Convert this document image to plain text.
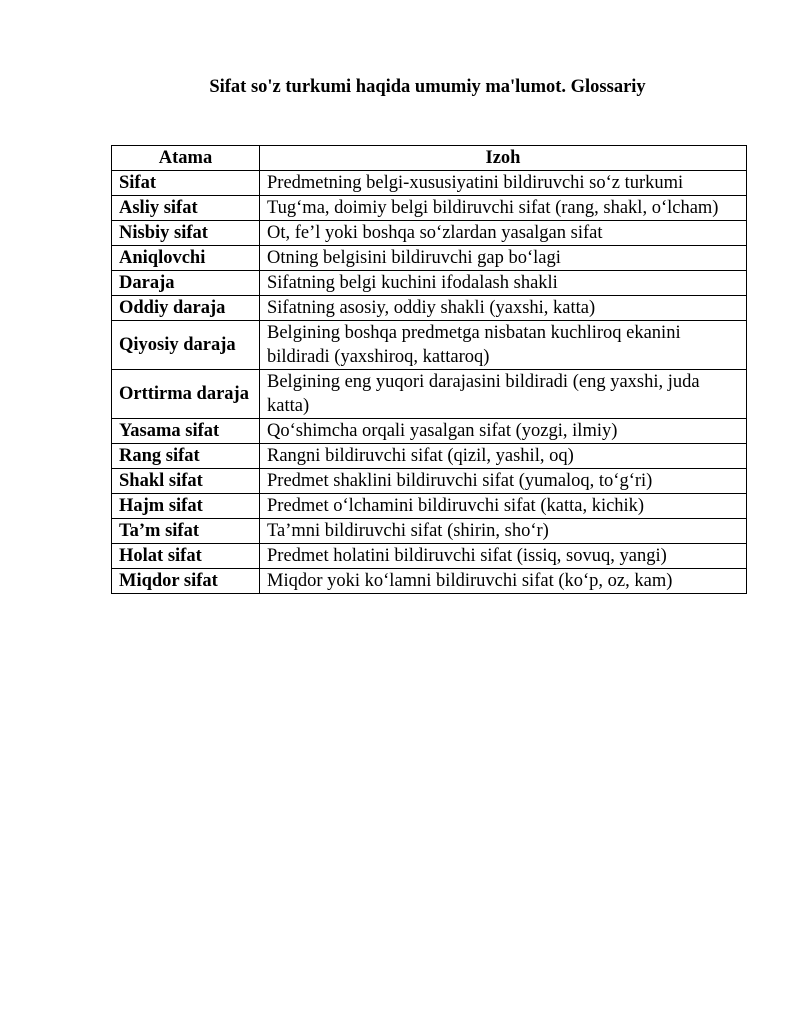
Sifat so'z turkumi haqida umumiy ma'lumot. Glossariy
Atama	Izoh
Sifat	Predmetning belgi-xususiyatini bildiruvchi so‘z turkumi
Asliy sifat	Tug‘ma, doimiy belgi bildiruvchi sifat (rang, shakl, o‘lcham)
Nisbiy sifat	Ot, fe’l yoki boshqa so‘zlardan yasalgan sifat
Aniqlovchi	Otning belgisini bildiruvchi gap bo‘lagi
Daraja	Sifatning belgi kuchini ifodalash shakli
Oddiy daraja	Sifatning asosiy, oddiy shakli (yaxshi, katta)
Qiyosiy daraja	Belgining boshqa predmetga nisbatan kuchliroq ekanini bildiradi (yaxshiroq, kattaroq)
Orttirma daraja	Belgining eng yuqori darajasini bildiradi (eng yaxshi, juda katta)
Yasama sifat	Qo‘shimcha orqali yasalgan sifat (yozgi, ilmiy)
Rang sifat	Rangni bildiruvchi sifat (qizil, yashil, oq)
Shakl sifat	Predmet shaklini bildiruvchi sifat (yumaloq, to‘g‘ri)
Hajm sifat	Predmet o‘lchamini bildiruvchi sifat (katta, kichik)
Ta’m sifat	Ta’mni bildiruvchi sifat (shirin, sho‘r)
Holat sifat	Predmet holatini bildiruvchi sifat (issiq, sovuq, yangi)
Miqdor sifat	Miqdor yoki ko‘lamni bildiruvchi sifat (ko‘p, oz, kam)
